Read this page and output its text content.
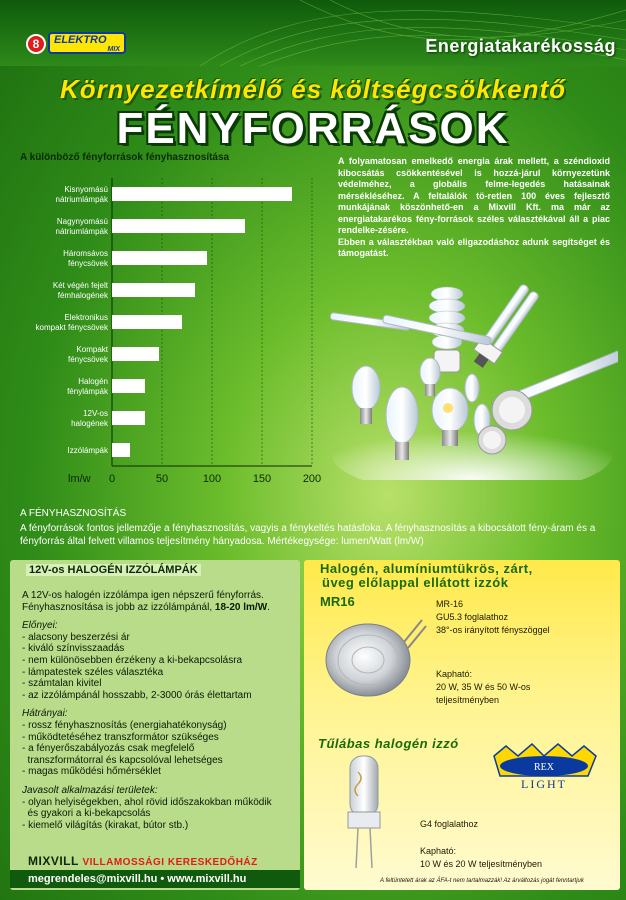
8	ELEKTRO
MIX	Energiatakarékosság
Környezetkímélő és költségcsökkentő
FÉNYFORRÁSOK
A különböző fényforrások fényhasznosítása
Kisnyomású nátriumlámpák
Nagynyomású nátriumlámpák
Háromsávos fénycsövek
Két végén fejelt fémhalogének
Elektronikus kompakt fénycsövek
Kompakt fénycsövek
Halogén fénylámpák
12V-os halogének
Izzólámpák
0	50	100	150	200
lm/w

A folyamatosan emelkedő energia árak mellett, a széndioxid kibocsátás csökkentésével is hozzá-járul környezetünk védelméhez, a globális felme-legedés hatásainak mérsékléséhez. A feltalálók tö-retlen 100 éves fejlesztő munkájának köszönhető-en a Mixvill Kft. ma már az energiatakarékos fény-források széles választékával áll a piac rendelke-zésére.

Ebben a választékban való eligazodáshoz adunk segítséget és támogatást.

A FÉNYHASZNOSÍTÁS
A fényforrások fontos jellemzője a fényhasznosítás, vagyis a fénykeltés hatásfoka. A fényhasznosítás a kibocsátott fény-áram és a fényforrás által felvett villamos teljesítmény hányadosa. Mértékegysége: lumen/Watt (lm/W)
12V-os HALOGÉN IZZÓLÁMPÁK
A 12V-os halogén izzólámpa igen népszerű fényforrás. Fényhasznosítása is jobb az izzólámpánál, 18-20 lm/W.
Előnyei:
- alacsony beszerzési ár
- kiváló színvisszaadás
- nem különösebben érzékeny a ki-bekapcsolásra
- lámpatestek széles választéka
- számtalan kivitel
- az izzólámpánál hosszabb, 2-3000 órás élettartam
Hátrányai:
- rossz fényhasznosítás (energiahatékonyság)
- működtetéséhez transzformátor szükséges
- a fényerőszabályozás csak megfelelő
transzformátorral és kapcsolóval lehetséges
- magas működési hőmérséklet
Javasolt alkalmazási területek:
- olyan helyiségekben, ahol rövid időszakokban működik
és gyakori a ki-bekapcsolás
- kiemelő világítás (kirakat, bútor stb.)
MIXVILL VILLAMOSSÁGI KERESKEDŐHÁZ
megrendeles@mixvill.hu • www.mixvill.hu
Halogén, alumíniumtükrös, zárt,
üveg előlappal ellátott izzók
MR16	MR-16
GU5.3 foglalathoz
38°-os irányított fényszöggel
Kapható:
20 W, 35 W és 50 W-os
teljesítményben
Tűlábas halogén izzó
REX
LIGHT
G4 foglalathoz
Kapható:
10 W és 20 W teljesítményben
A feltüntetett árak az ÁFA-t nem tartalmazzák! Az árváltozás jogát fenntartjuk
